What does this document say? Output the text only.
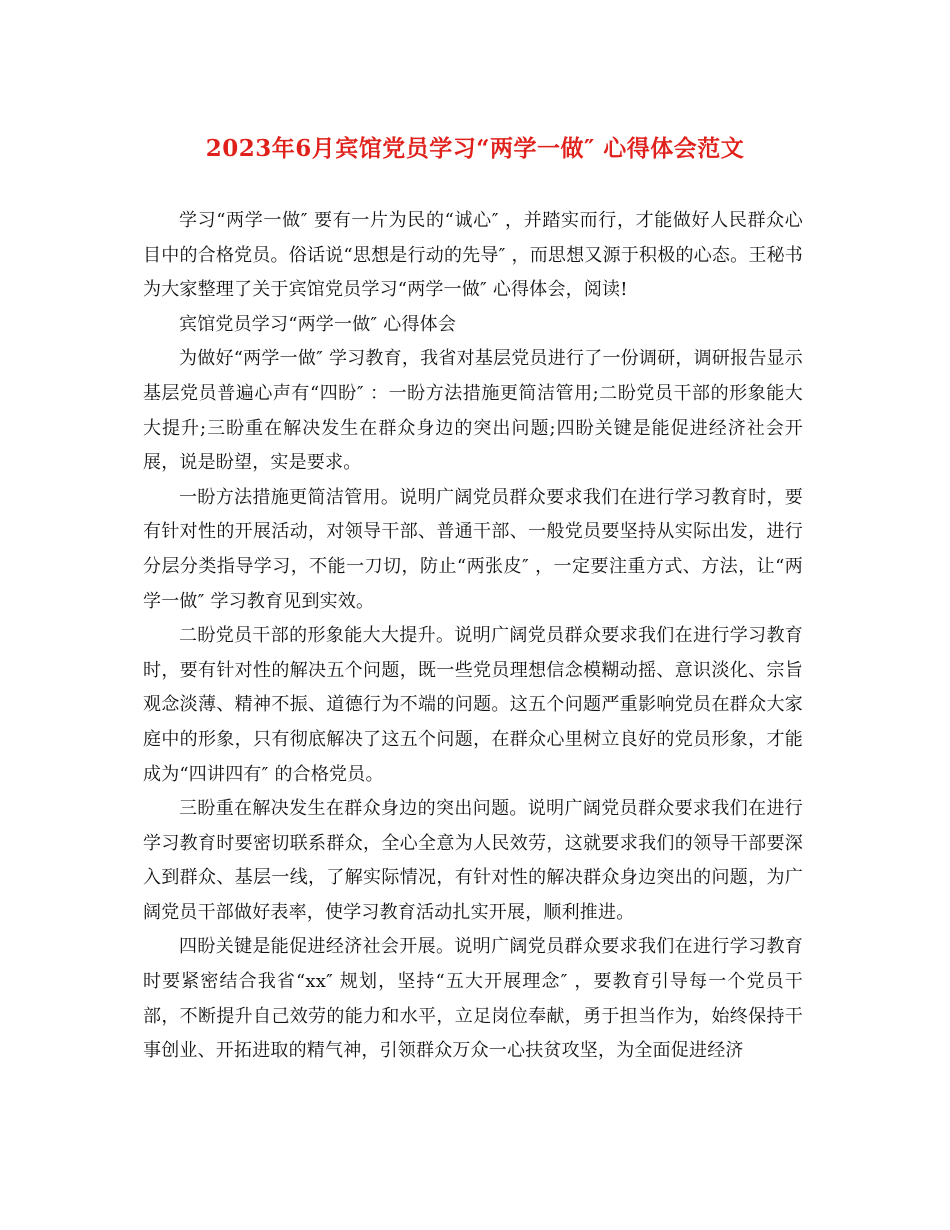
2023年6月宾馆党员学习“两学一做″ 心得体会范文

学习“两学一做″ 要有一片为民的“诚心″ ，并踏实而行，才能做好人民群众心目中的合格党员。俗话说“思想是行动的先导″ ，而思想又源于积极的心态。王秘书为大家整理了关于宾馆党员学习“两学一做″ 心得体会，阅读!

宾馆党员学习“两学一做″ 心得体会

为做好“两学一做″ 学习教育，我省对基层党员进行了一份调研，调研报告显示基层党员普遍心声有“四盼″ ：一盼方法措施更简洁管用;二盼党员干部的形象能大大提升;三盼重在解决发生在群众身边的突出问题;四盼关键是能促进经济社会开展，说是盼望，实是要求。

一盼方法措施更简洁管用。说明广阔党员群众要求我们在进行学习教育时，要有针对性的开展活动，对领导干部、普通干部、一般党员要坚持从实际出发，进行分层分类指导学习，不能一刀切，防止“两张皮″ ，一定要注重方式、方法，让“两学一做″ 学习教育见到实效。

二盼党员干部的形象能大大提升。说明广阔党员群众要求我们在进行学习教育时，要有针对性的解决五个问题，既一些党员理想信念模糊动摇、意识淡化、宗旨观念淡薄、精神不振、道德行为不端的问题。这五个问题严重影响党员在群众大家庭中的形象，只有彻底解决了这五个问题，在群众心里树立良好的党员形象，才能成为“四讲四有″ 的合格党员。

三盼重在解决发生在群众身边的突出问题。说明广阔党员群众要求我们在进行学习教育时要密切联系群众，全心全意为人民效劳，这就要求我们的领导干部要深入到群众、基层一线，了解实际情况，有针对性的解决群众身边突出的问题，为广阔党员干部做好表率，使学习教育活动扎实开展，顺利推进。

四盼关键是能促进经济社会开展。说明广阔党员群众要求我们在进行学习教育时要紧密结合我省“xx″ 规划，坚持“五大开展理念″ ，要教育引导每一个党员干部，不断提升自己效劳的能力和水平，立足岗位奉献，勇于担当作为，始终保持干事创业、开拓进取的精气神，引领群众万众一心扶贫攻坚，为全面促进经济
